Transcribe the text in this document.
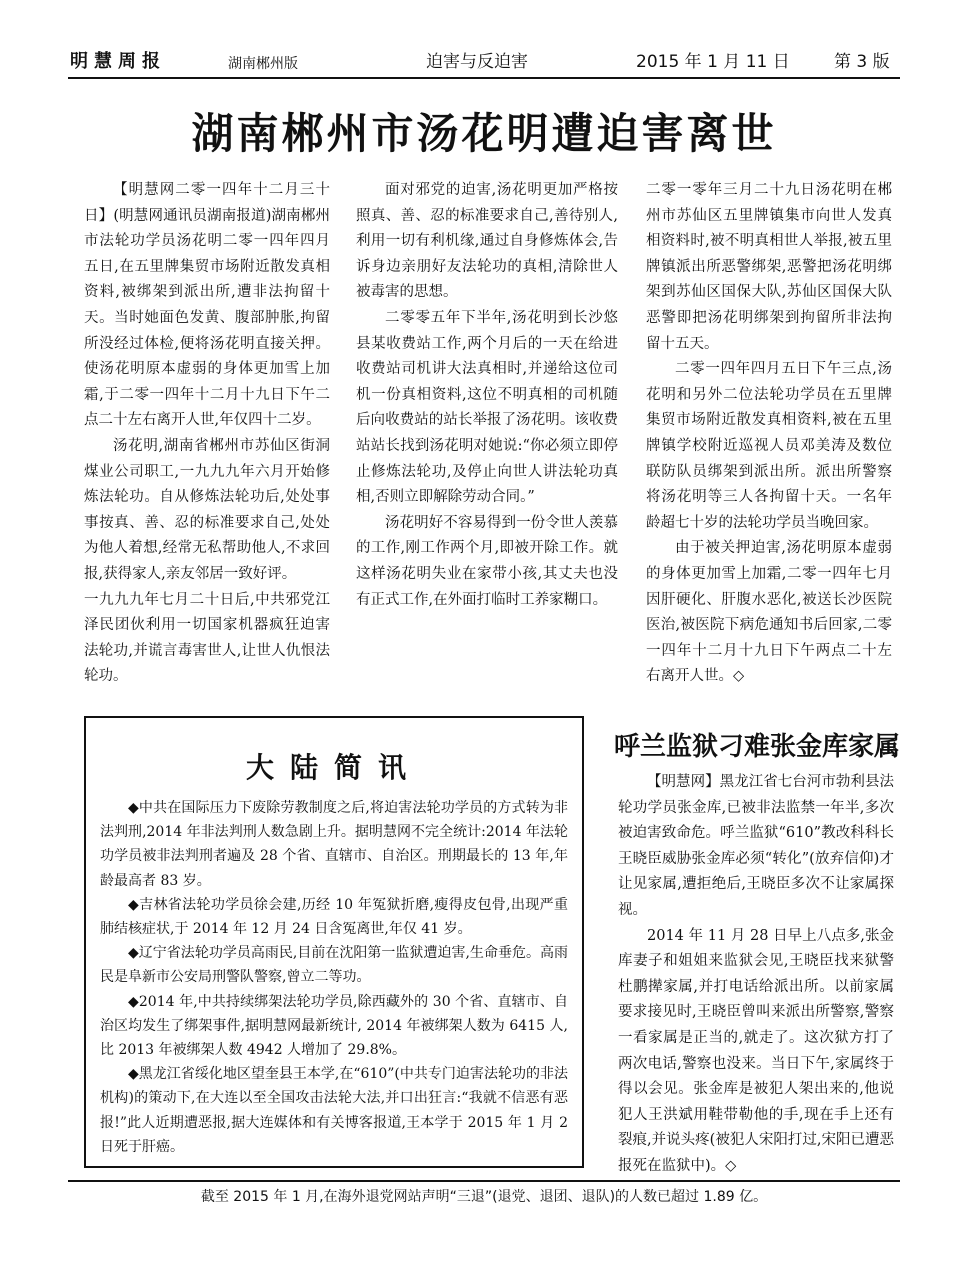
明慧周报	湖南郴州版	迫害与反迫害	2015 年 1 月 11 日	第 3 版
湖南郴州市汤花明遭迫害离世

【明慧网二零一四年十二月三十日】(明慧网通讯员湖南报道)湖南郴州市法轮功学员汤花明二零一四年四月五日,在五里牌集贸市场附近散发真相资料,被绑架到派出所,遭非法拘留十天。当时她面色发黄、腹部肿胀,拘留所没经过体检,便将汤花明直接关押。使汤花明原本虚弱的身体更加雪上加霜,于二零一四年十二月十九日下午二点二十左右离开人世,年仅四十二岁。

汤花明,湖南省郴州市苏仙区街洞煤业公司职工,一九九九年六月开始修炼法轮功。自从修炼法轮功后,处处事事按真、善、忍的标准要求自己,处处为他人着想,经常无私帮助他人,不求回报,获得家人,亲友邻居一致好评。

一九九九年七月二十日后,中共邪党江泽民团伙利用一切国家机器疯狂迫害法轮功,并谎言毒害世人,让世人仇恨法轮功。

面对邪党的迫害,汤花明更加严格按照真、善、忍的标准要求自己,善待别人,利用一切有利机缘,通过自身修炼体会,告诉身边亲朋好友法轮功的真相,清除世人被毒害的思想。

二零零五年下半年,汤花明到长沙悠县某收费站工作,两个月后的一天在给进收费站司机讲大法真相时,并递给这位司机一份真相资料,这位不明真相的司机随后向收费站的站长举报了汤花明。该收费站站长找到汤花明对她说:“你必须立即停止修炼法轮功,及停止向世人讲法轮功真相,否则立即解除劳动合同。”

汤花明好不容易得到一份令世人羡慕的工作,刚工作两个月,即被开除工作。就这样汤花明失业在家带小孩,其丈夫也没有正式工作,在外面打临时工养家糊口。

二零一零年三月二十九日汤花明在郴州市苏仙区五里牌镇集市向世人发真相资料时,被不明真相世人举报,被五里牌镇派出所恶警绑架,恶警把汤花明绑架到苏仙区国保大队,苏仙区国保大队恶警即把汤花明绑架到拘留所非法拘留十五天。

二零一四年四月五日下午三点,汤花明和另外二位法轮功学员在五里牌集贸市场附近散发真相资料,被在五里牌镇学校附近巡视人员邓美涛及数位联防队员绑架到派出所。派出所警察将汤花明等三人各拘留十天。一名年龄超七十岁的法轮功学员当晚回家。

由于被关押迫害,汤花明原本虚弱的身体更加雪上加霜,二零一四年七月因肝硬化、肝腹水恶化,被送长沙医院医治,被医院下病危通知书后回家,二零一四年十二月十九日下午两点二十左右离开人世。◇

大陆简讯

◆中共在国际压力下废除劳教制度之后,将迫害法轮功学员的方式转为非法判刑,2014 年非法判刑人数急剧上升。据明慧网不完全统计:2014 年法轮功学员被非法判刑者遍及 28 个省、直辖市、自治区。刑期最长的 13 年,年龄最高者 83 岁。

◆吉林省法轮功学员徐会建,历经 10 年冤狱折磨,瘦得皮包骨,出现严重肺结核症状,于 2014 年 12 月 24 日含冤离世,年仅 41 岁。

◆辽宁省法轮功学员高雨民,目前在沈阳第一监狱遭迫害,生命垂危。高雨民是阜新市公安局刑警队警察,曾立二等功。

◆2014 年,中共持续绑架法轮功学员,除西藏外的 30 个省、直辖市、自治区均发生了绑架事件,据明慧网最新统计, 2014 年被绑架人数为 6415 人,比 2013 年被绑架人数 4942 人增加了 29.8%。

◆黑龙江省绥化地区望奎县王本学,在“610”(中共专门迫害法轮功的非法机构)的策动下,在大连以至全国攻击法轮大法,并口出狂言:“我就不信恶有恶报!”此人近期遭恶报,据大连媒体和有关博客报道,王本学于 2015 年 1 月 2 日死于肝癌。

呼兰监狱刁难张金库家属

【明慧网】黑龙江省七台河市勃利县法轮功学员张金库,已被非法监禁一年半,多次被迫害致命危。呼兰监狱“610”教改科科长王晓臣威胁张金库必须“转化”(放弃信仰)才让见家属,遭拒绝后,王晓臣多次不让家属探视。

2014 年 11 月 28 日早上八点多,张金库妻子和姐姐来监狱会见,王晓臣找来狱警杜鹏撵家属,并打电话给派出所。以前家属要求接见时,王晓臣曾叫来派出所警察,警察一看家属是正当的,就走了。这次狱方打了两次电话,警察也没来。当日下午,家属终于得以会见。张金库是被犯人架出来的,他说犯人王洪斌用鞋带勒他的手,现在手上还有裂痕,并说头疼(被犯人宋阳打过,宋阳已遭恶报死在监狱中)。◇

截至 2015 年 1 月,在海外退党网站声明“三退”(退党、退团、退队)的人数已超过 1.89 亿。
